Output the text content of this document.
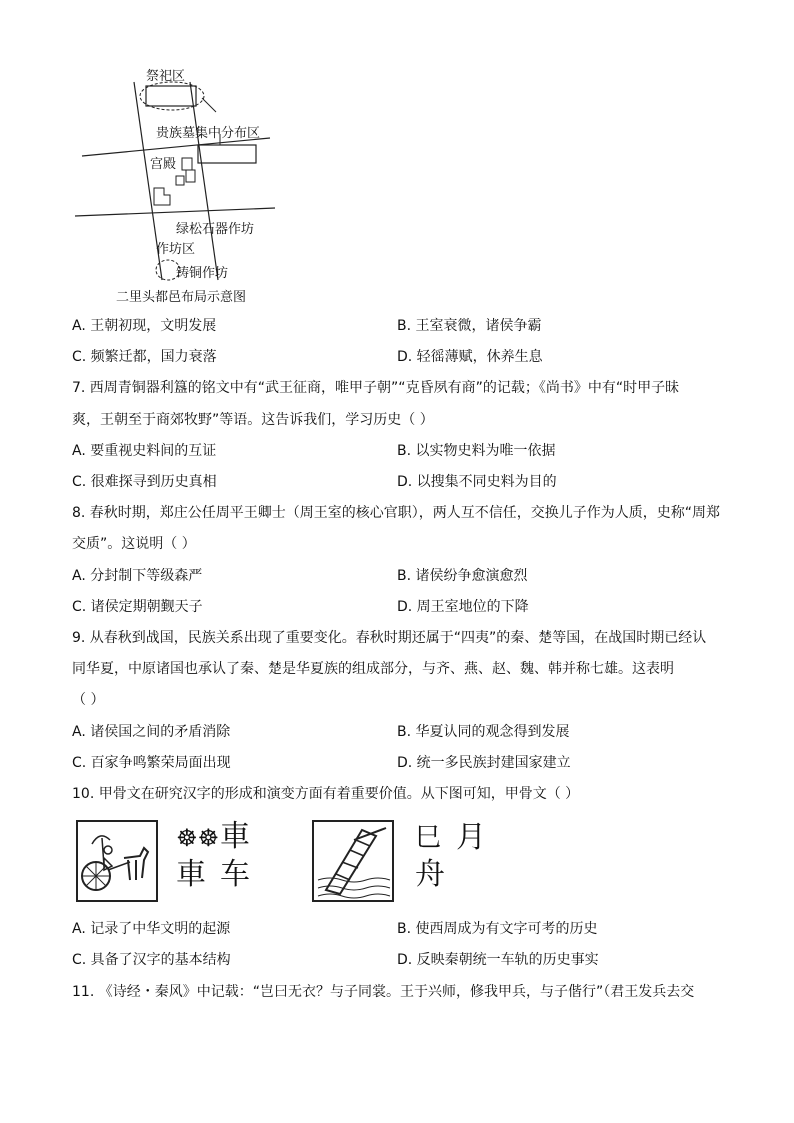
祭祀区
贵族墓集中分布区
宫殿
绿松石器作坊
作坊区
铸铜作坊
二里头都邑布局示意图
A. 王朝初现，文明发展	B. 王室衰微，诸侯争霸
C. 频繁迁都，国力衰落	D. 轻徭薄赋，休养生息
7. 西周青铜器利簋的铭文中有“武王征商，唯甲子朝”“克昏夙有商”的记载；《尚书》中有“时甲子昧
爽，王朝至于商郊牧野”等语。这告诉我们，学习历史（ ）
A. 要重视史料间的互证	B. 以实物史料为唯一依据
C. 很难探寻到历史真相	D. 以搜集不同史料为目的
8. 春秋时期，郑庄公任周平王卿士（周王室的核心官职），两人互不信任，交换儿子作为人质，史称“周郑
交质”。这说明（ ）
A. 分封制下等级森严	B. 诸侯纷争愈演愈烈
C. 诸侯定期朝觐天子	D. 周王室地位的下降
9. 从春秋到战国，民族关系出现了重要变化。春秋时期还属于“四夷”的秦、楚等国，在战国时期已经认
同华夏，中原诸国也承认了秦、楚是华夏族的组成部分，与齐、燕、赵、魏、韩并称七雄。这表明
（ ）
A. 诸侯国之间的矛盾消除	B. 华夏认同的观念得到发展
C. 百家争鸣繁荣局面出现	D. 统一多民族封建国家建立
10. 甲骨文在研究汉字的形成和演变方面有着重要价值。从下图可知，甲骨文（ ）
☸☸ 車
車 车
巳 月
舟
A. 记录了中华文明的起源	B. 使西周成为有文字可考的历史
C. 具备了汉字的基本结构	D. 反映秦朝统一车轨的历史事实
11. 《诗经・秦风》中记载：“岂曰无衣？与子同裳。王于兴师，修我甲兵，与子偕行”（君王发兵去交
